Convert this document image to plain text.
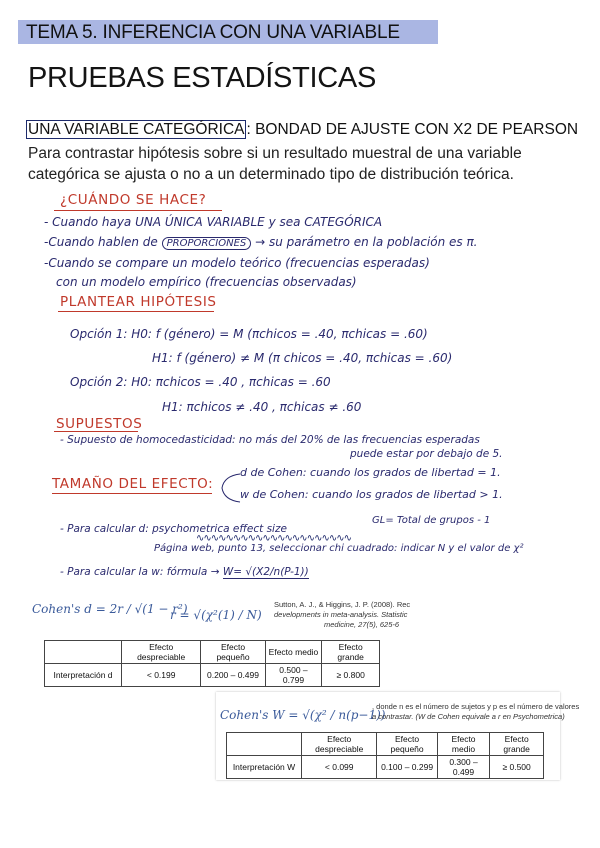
TEMA 5. INFERENCIA CON UNA VARIABLE
PRUEBAS ESTADÍSTICAS
UNA VARIABLE CATEGÓRICA : BONDAD DE AJUSTE CON X2 DE PEARSON
Para contrastar hipótesis sobre si un resultado muestral de una variable categórica se ajusta o no a un determinado tipo de distribución teórica.
¿CUÁNDO SE HACE?
- Cuando haya UNA ÚNICA VARIABLE y sea CATEGÓRICA
-Cuando hablen de PROPORCIONES → su parámetro en la población es π.
-Cuando se compare un modelo teórico (frecuencias esperadas)
con un modelo empírico (frecuencias observadas)
PLANTEAR HIPÓTESIS
Opción 1: H0: f (género) = M (πchicos = .40, πchicas = .60)
H1: f (género) ≠ M (π chicos = .40, πchicas = .60)
Opción 2: H0: πchicos = .40 , πchicas = .60
H1: πchicos ≠ .40 , πchicas ≠ .60
SUPUESTOS
- Supuesto de homocedasticidad: no más del 20% de las frecuencias esperadas
puede estar por debajo de 5.
TAMAÑO DEL EFECTO:
d de Cohen: cuando los grados de libertad = 1.
w de Cohen: cuando los grados de libertad > 1.
GL= Total de grupos - 1
- Para calcular d: psychometrica effect size
∿∿∿∿∿∿∿∿∿∿∿∿∿∿∿∿∿∿∿∿∿
Página web, punto 13, seleccionar chi cuadrado: indicar N y el valor de χ²
- Para calcular la w: fórmula → W= √(X2/n(P-1))
Cohen's d = 2r / √(1 − r²)
r = √(χ²(1) / N)
Sutton, A. J., & Higgins, J. P. (2008). Rec
developments in meta-analysis. Statistic
medicine, 27(5), 625-6
	Efecto despreciable	Efecto pequeño	Efecto medio	Efecto grande
Interpretación d	< 0.199	0.200 – 0.499	0.500 – 0.799	≥ 0.800
Cohen's W = √(χ² / n(p−1))
, donde n es el número de sujetos y p es el número de valores
a contrastar. (W de Cohen equivale a r en Psychometrica)
	Efecto despreciable	Efecto pequeño	Efecto medio	Efecto grande
Interpretación W	< 0.099	0.100 – 0.299	0.300 – 0.499	≥ 0.500
